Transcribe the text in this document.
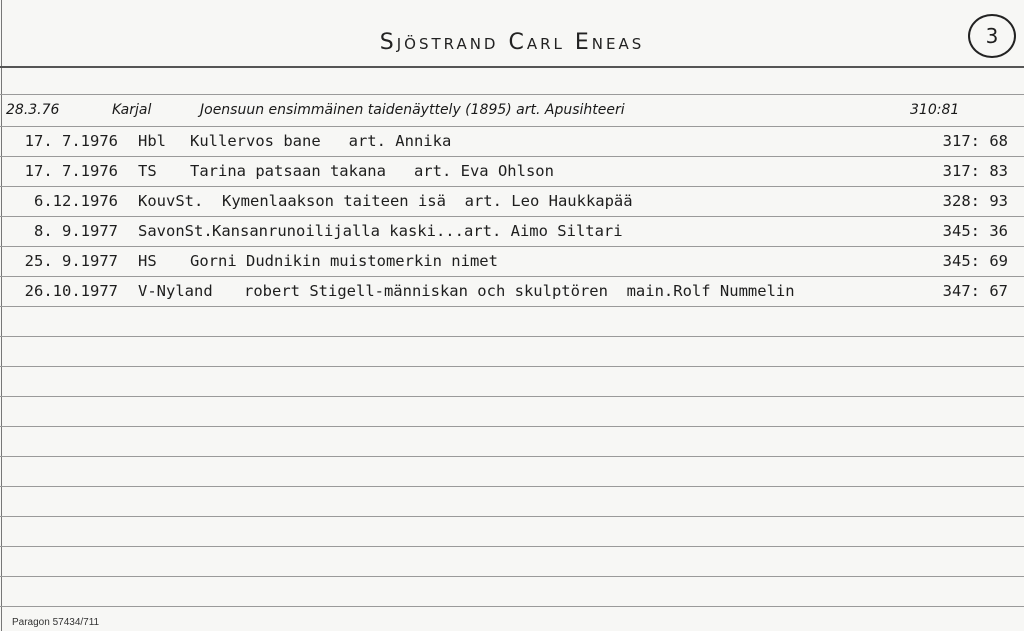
Sjöstrand Carl Eneas	3
28.3.76	Karjal	Joensuun ensimmäinen taidenäyttely (1895) art. Apusihteeri	310:81
17. 7.1976 Hbl Kullervos bane   art. Annika	317: 68
17. 7.1976 TS Tarina patsaan takana   art. Eva Ohlson	317: 83
6.12.1976 KouvSt. Kymenlaakson taiteen isä  art. Leo Haukkapää	328: 93
8. 9.1977 SavonSt. Kansanrunoilijalla kaski...art. Aimo Siltari	345: 36
25. 9.1977 HS Gorni Dudnikin muistomerkin nimet	345: 69
26.10.1977 V-Nyland robert Stigell-människan och skulptören  main.Rolf Nummelin	347: 67
Paragon 57434/711
